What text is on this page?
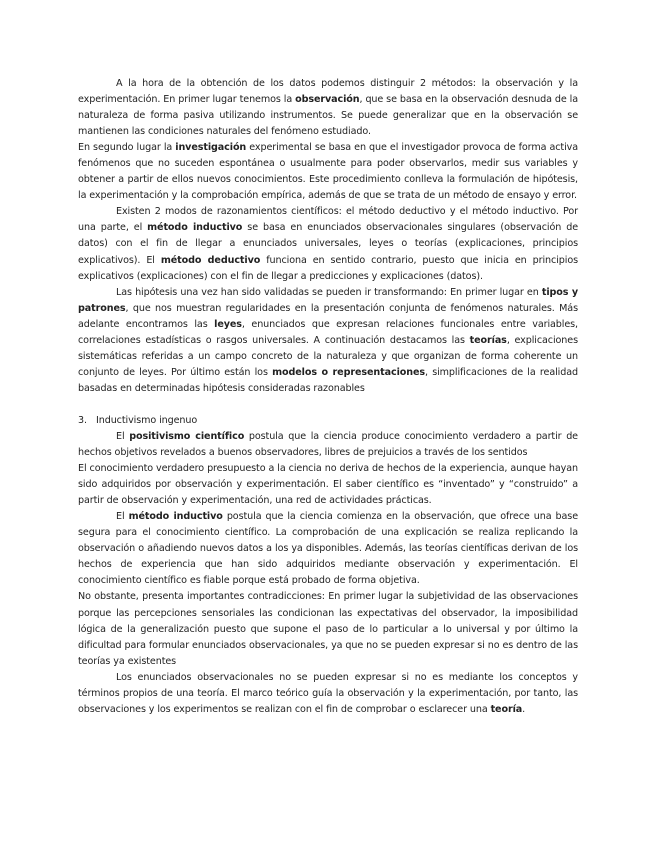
A la hora de la obtención de los datos podemos distinguir 2 métodos: la observación y la experimentación. En primer lugar tenemos la observación, que se basa en la observación desnuda de la naturaleza de forma pasiva utilizando instrumentos. Se puede generalizar que en la observación se mantienen las condiciones naturales del fenómeno estudiado.

En segundo lugar la investigación experimental se basa en que el investigador provoca de forma activa fenómenos que no suceden espontánea o usualmente para poder observarlos, medir sus variables y obtener a partir de ellos nuevos conocimientos. Este procedimiento conlleva la formulación de hipótesis, la experimentación y la comprobación empírica, además de que se trata de un método de ensayo y error.

Existen 2 modos de razonamientos científicos: el método deductivo y el método inductivo. Por una parte, el método inductivo se basa en enunciados observacionales singulares (observación de datos) con el fin de llegar a enunciados universales, leyes o teorías (explicaciones, principios explicativos). El método deductivo funciona en sentido contrario, puesto que inicia en principios explicativos (explicaciones) con el fin de llegar a predicciones y explicaciones (datos).

Las hipótesis una vez han sido validadas se pueden ir transformando: En primer lugar en tipos y patrones, que nos muestran regularidades en la presentación conjunta de fenómenos naturales. Más adelante encontramos las leyes, enunciados que expresan relaciones funcionales entre variables, correlaciones estadísticas o rasgos universales. A continuación destacamos las teorías, explicaciones sistemáticas referidas a un campo concreto de la naturaleza y que organizan de forma coherente un conjunto de leyes. Por último están los modelos o representaciones, simplificaciones de la realidad basadas en determinadas hipótesis consideradas razonables

3. Inductivismo ingenuo

El positivismo científico postula que la ciencia produce conocimiento verdadero a partir de hechos objetivos revelados a buenos observadores, libres de prejuicios a través de los sentidos

El conocimiento verdadero presupuesto a la ciencia no deriva de hechos de la experiencia, aunque hayan sido adquiridos por observación y experimentación. El saber científico es “inventado” y “construido” a partir de observación y experimentación, una red de actividades prácticas.

El método inductivo postula que la ciencia comienza en la observación, que ofrece una base segura para el conocimiento científico. La comprobación de una explicación se realiza replicando la observación o añadiendo nuevos datos a los ya disponibles. Además, las teorías científicas derivan de los hechos de experiencia que han sido adquiridos mediante observación y experimentación. El conocimiento científico es fiable porque está probado de forma objetiva.

No obstante, presenta importantes contradicciones: En primer lugar la subjetividad de las observaciones porque las percepciones sensoriales las condicionan las expectativas del observador, la imposibilidad lógica de la generalización puesto que supone el paso de lo particular a lo universal y por último la dificultad para formular enunciados observacionales, ya que no se pueden expresar si no es dentro de las teorías ya existentes

Los enunciados observacionales no se pueden expresar si no es mediante los conceptos y términos propios de una teoría. El marco teórico guía la observación y la experimentación, por tanto, las observaciones y los experimentos se realizan con el fin de comprobar o esclarecer una teoría.
